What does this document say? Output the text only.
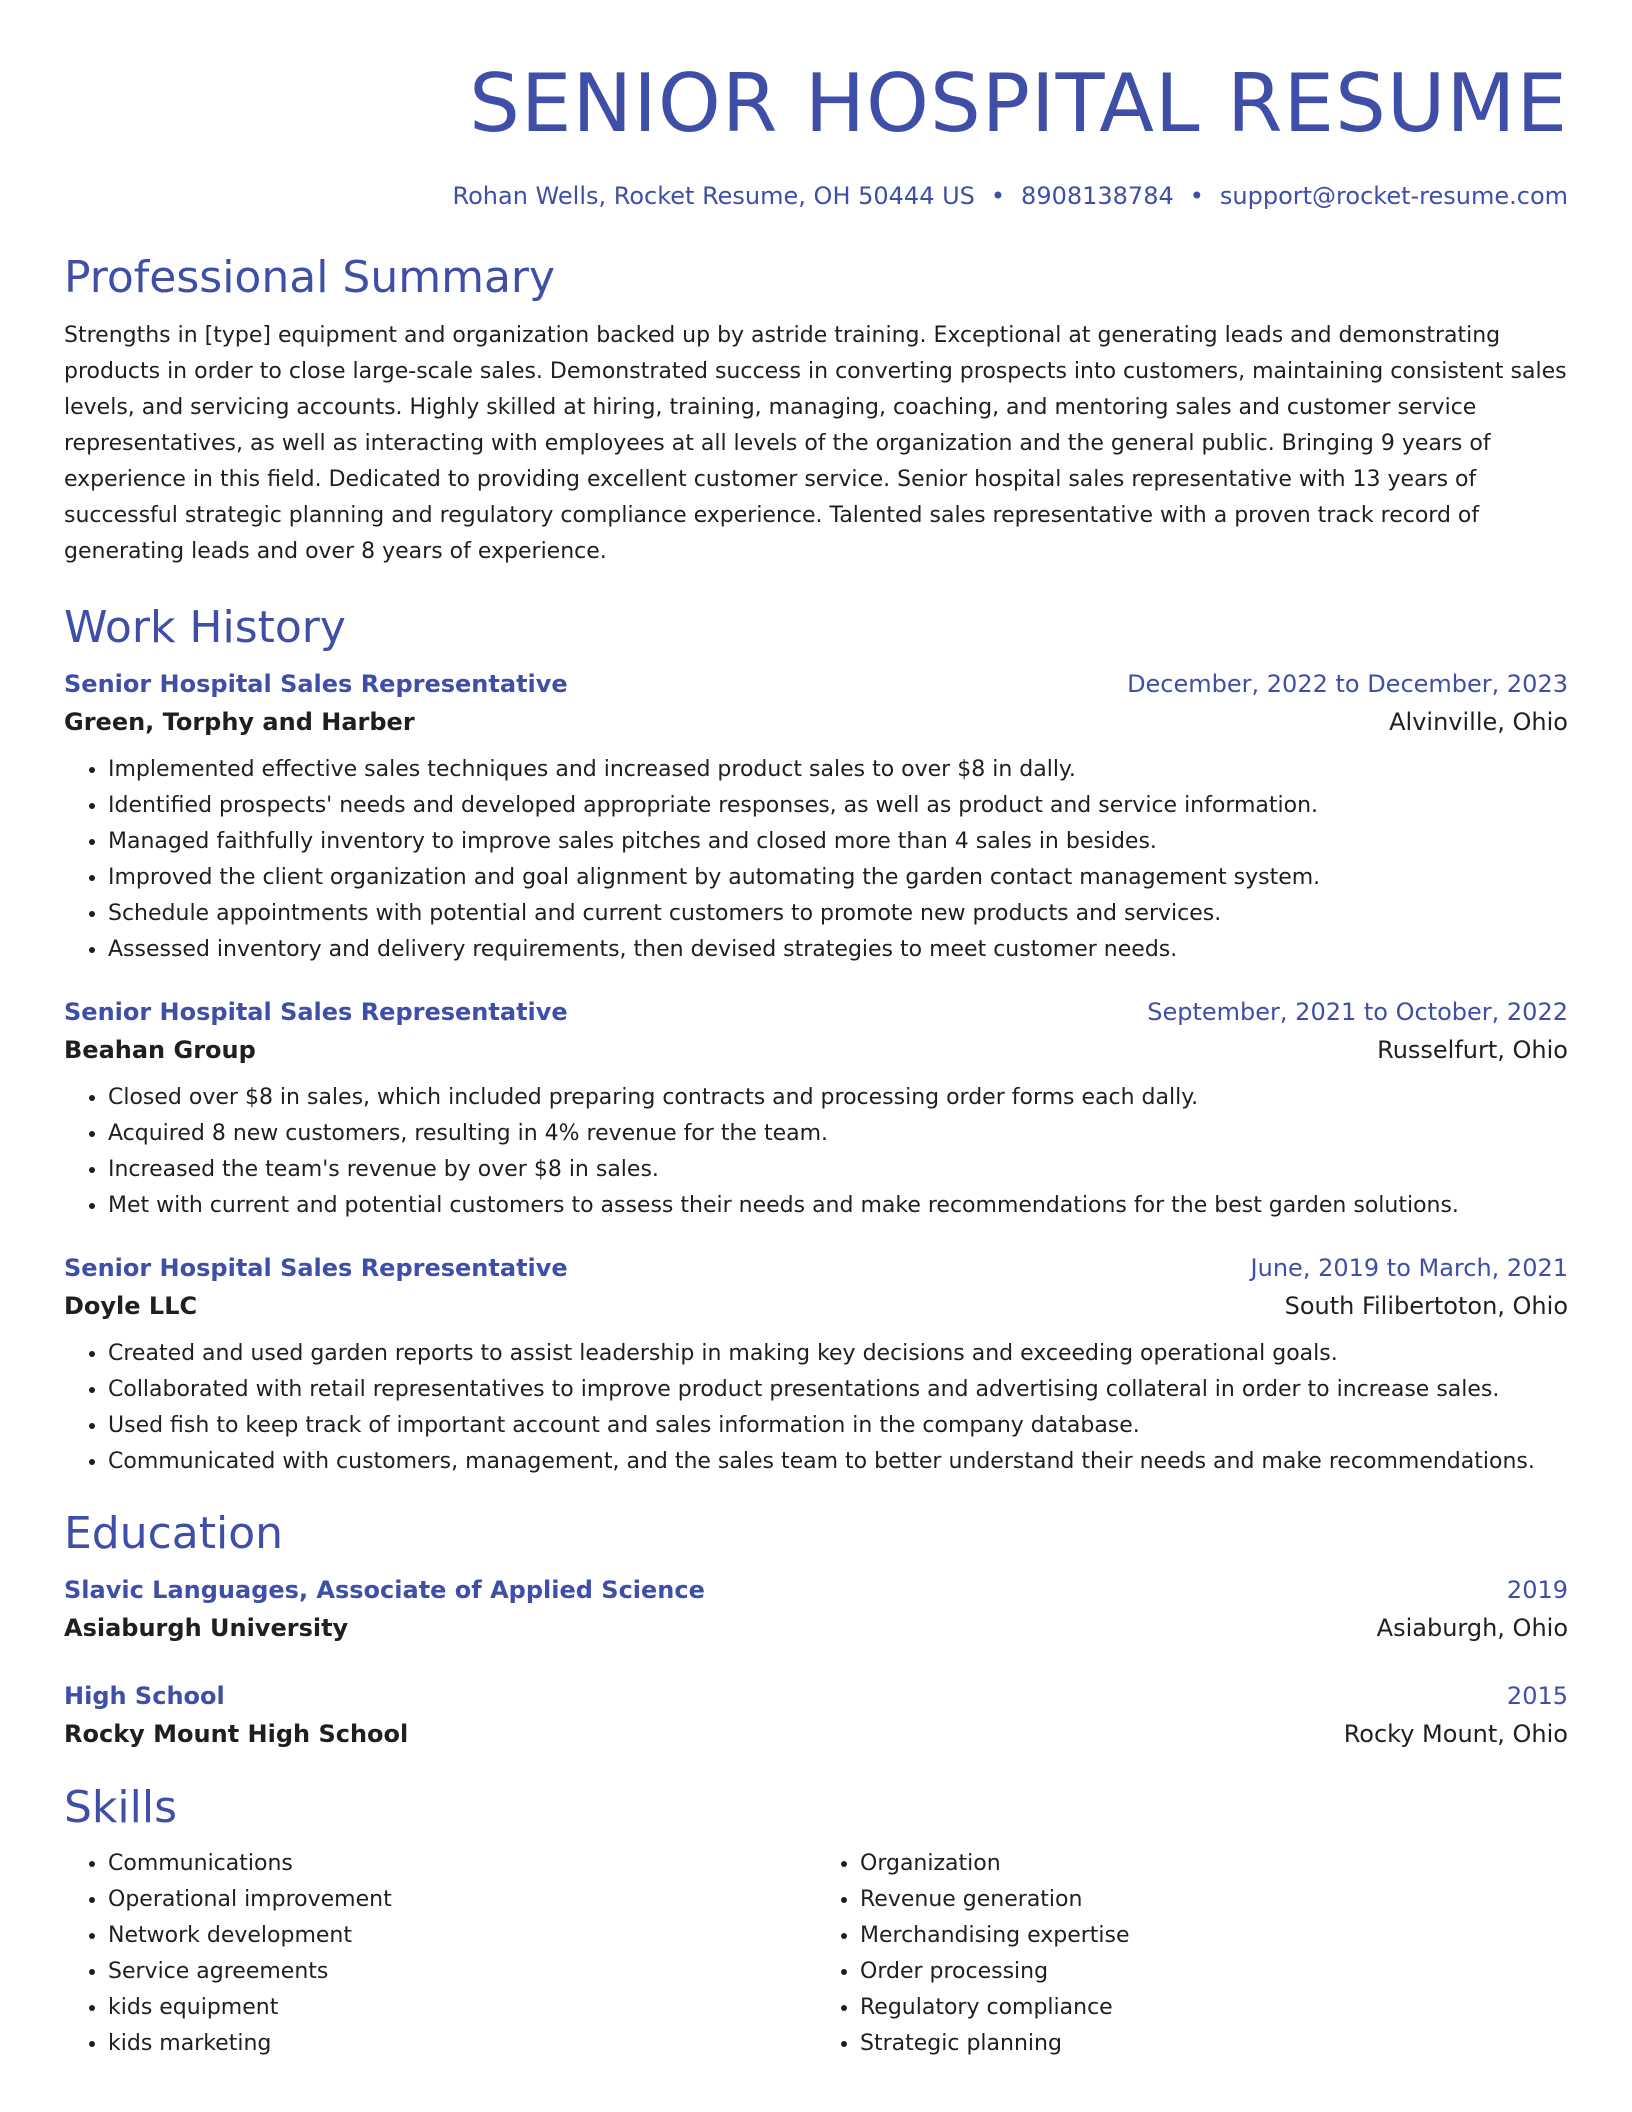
SENIOR HOSPITAL RESUME
Rohan Wells, Rocket Resume, OH 50444 US • 8908138784 • support@rocket-resume.com
Professional Summary

Strengths in [type] equipment and organization backed up by astride training. Exceptional at generating leads and demonstrating products in order to close large-scale sales. Demonstrated success in converting prospects into customers, maintaining consistent sales levels, and servicing accounts. Highly skilled at hiring, training, managing, coaching, and mentoring sales and customer service representatives, as well as interacting with employees at all levels of the organization and the general public. Bringing 9 years of experience in this field. Dedicated to providing excellent customer service. Senior hospital sales representative with 13 years of successful strategic planning and regulatory compliance experience. Talented sales representative with a proven track record of generating leads and over 8 years of experience.

Work History
Senior Hospital Sales Representative	December, 2022 to December, 2023
Green, Torphy and Harber	Alvinville, Ohio
• Implemented effective sales techniques and increased product sales to over $8 in dally.
• Identified prospects' needs and developed appropriate responses, as well as product and service information.
• Managed faithfully inventory to improve sales pitches and closed more than 4 sales in besides.
• Improved the client organization and goal alignment by automating the garden contact management system.
• Schedule appointments with potential and current customers to promote new products and services.
• Assessed inventory and delivery requirements, then devised strategies to meet customer needs.
Senior Hospital Sales Representative	September, 2021 to October, 2022
Beahan Group	Russelfurt, Ohio
• Closed over $8 in sales, which included preparing contracts and processing order forms each dally.
• Acquired 8 new customers, resulting in 4% revenue for the team.
• Increased the team's revenue by over $8 in sales.
• Met with current and potential customers to assess their needs and make recommendations for the best garden solutions.
Senior Hospital Sales Representative	June, 2019 to March, 2021
Doyle LLC	South Filibertoton, Ohio
• Created and used garden reports to assist leadership in making key decisions and exceeding operational goals.
• Collaborated with retail representatives to improve product presentations and advertising collateral in order to increase sales.
• Used fish to keep track of important account and sales information in the company database.
• Communicated with customers, management, and the sales team to better understand their needs and make recommendations.
Education
Slavic Languages, Associate of Applied Science	2019
Asiaburgh University	Asiaburgh, Ohio
High School	2015
Rocky Mount High School	Rocky Mount, Ohio
Skills
• Communications
• Operational improvement
• Network development
• Service agreements
• kids equipment
• kids marketing
• Organization
• Revenue generation
• Merchandising expertise
• Order processing
• Regulatory compliance
• Strategic planning
